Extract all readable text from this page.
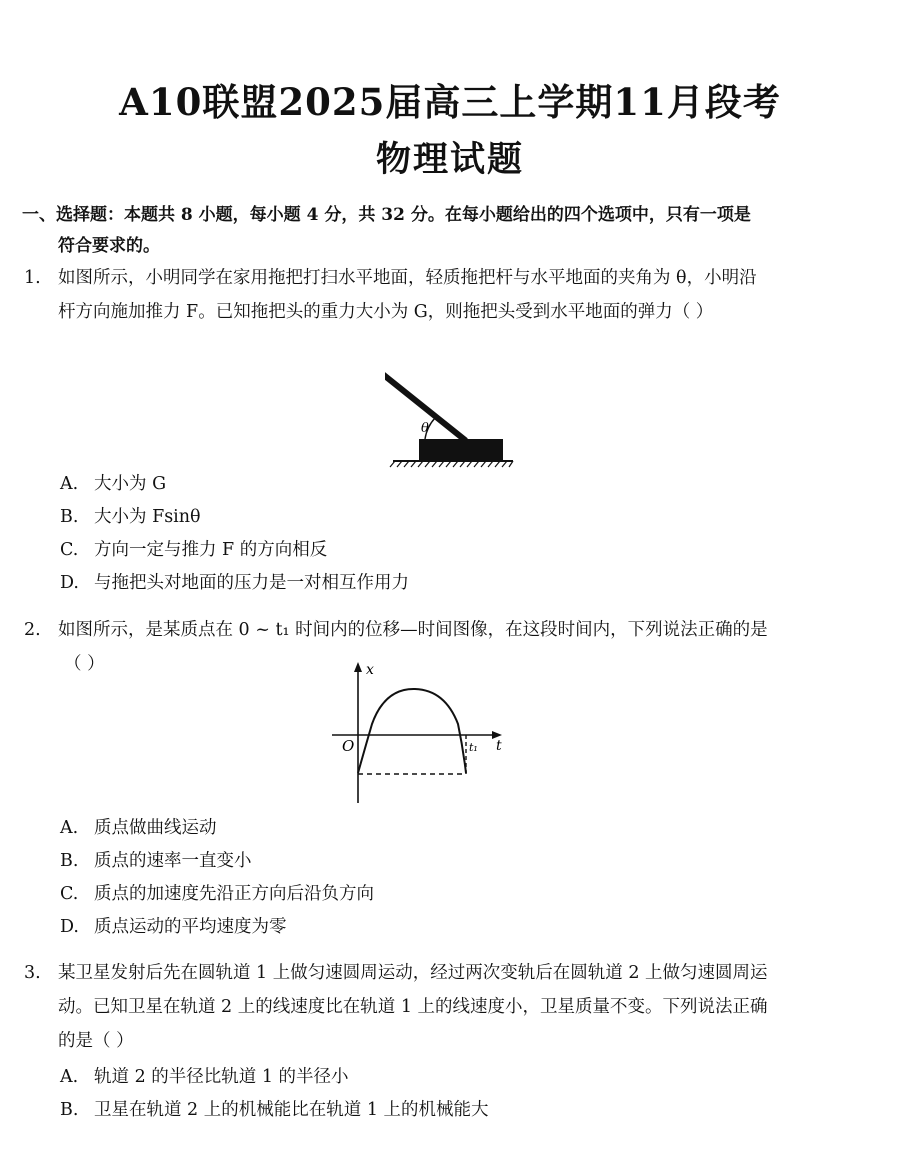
A10联盟2025届高三上学期11月段考
物理试题
一、选择题：本题共 8 小题，每小题 4 分，共 32 分。在每小题给出的四个选项中，只有一项是
符合要求的。
1. 如图所示，小明同学在家用拖把打扫水平地面，轻质拖把杆与水平地面的夹角为 θ，小明沿
杆方向施加推力 F。已知拖把头的重力大小为 G，则拖把头受到水平地面的弹力（ ）
θ
A. 大小为 G
B. 大小为 Fsinθ
C. 方向一定与推力 F 的方向相反
D. 与拖把头对地面的压力是一对相互作用力
2. 如图所示，是某质点在 0 ~ t₁ 时间内的位移—时间图像，在这段时间内，下列说法正确的是
（ ）	x
t
O	t₁
A. 质点做曲线运动
B. 质点的速率一直变小
C. 质点的加速度先沿正方向后沿负方向
D. 质点运动的平均速度为零
3. 某卫星发射后先在圆轨道 1 上做匀速圆周运动，经过两次变轨后在圆轨道 2 上做匀速圆周运
动。已知卫星在轨道 2 上的线速度比在轨道 1 上的线速度小，卫星质量不变。下列说法正确
的是（ ）
A. 轨道 2 的半径比轨道 1 的半径小
B. 卫星在轨道 2 上的机械能比在轨道 1 上的机械能大
